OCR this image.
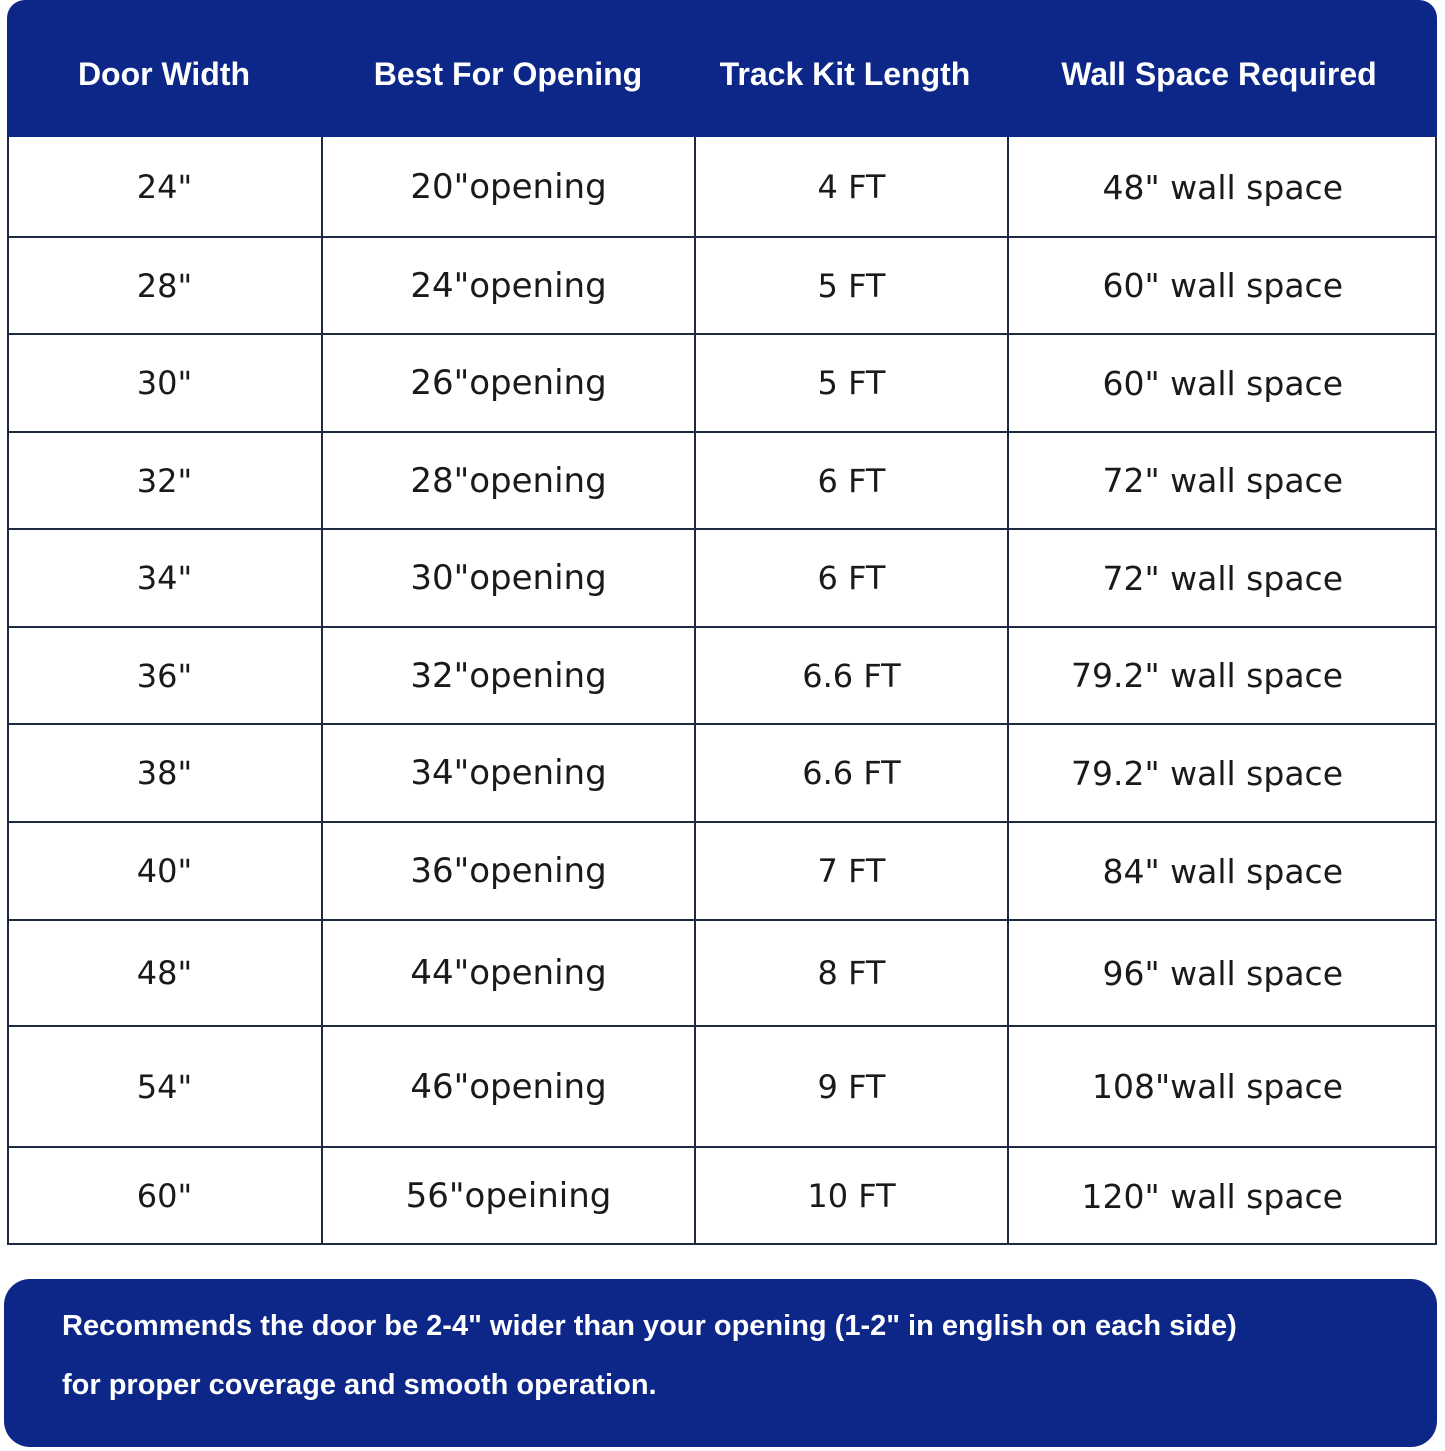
Door Width	Best For Opening	Track Kit Length	Wall Space Required
24"	20"opening	4 FT	48" wall space
28"	24"opening	5 FT	60" wall space
30"	26"opening	5 FT	60" wall space
32"	28"opening	6 FT	72" wall space
34"	30"opening	6 FT	72" wall space
36"	32"opening	6.6 FT	79.2" wall space
38"	34"opening	6.6 FT	79.2" wall space
40"	36"opening	7 FT	84" wall space
48"	44"opening	8 FT	96" wall space
54"	46"opening	9 FT	108"wall space
60"	56"opeining	10 FT	120" wall space
Recommends the door be 2-4" wider than your opening (1-2" in english on each side)
for proper coverage and smooth operation.
